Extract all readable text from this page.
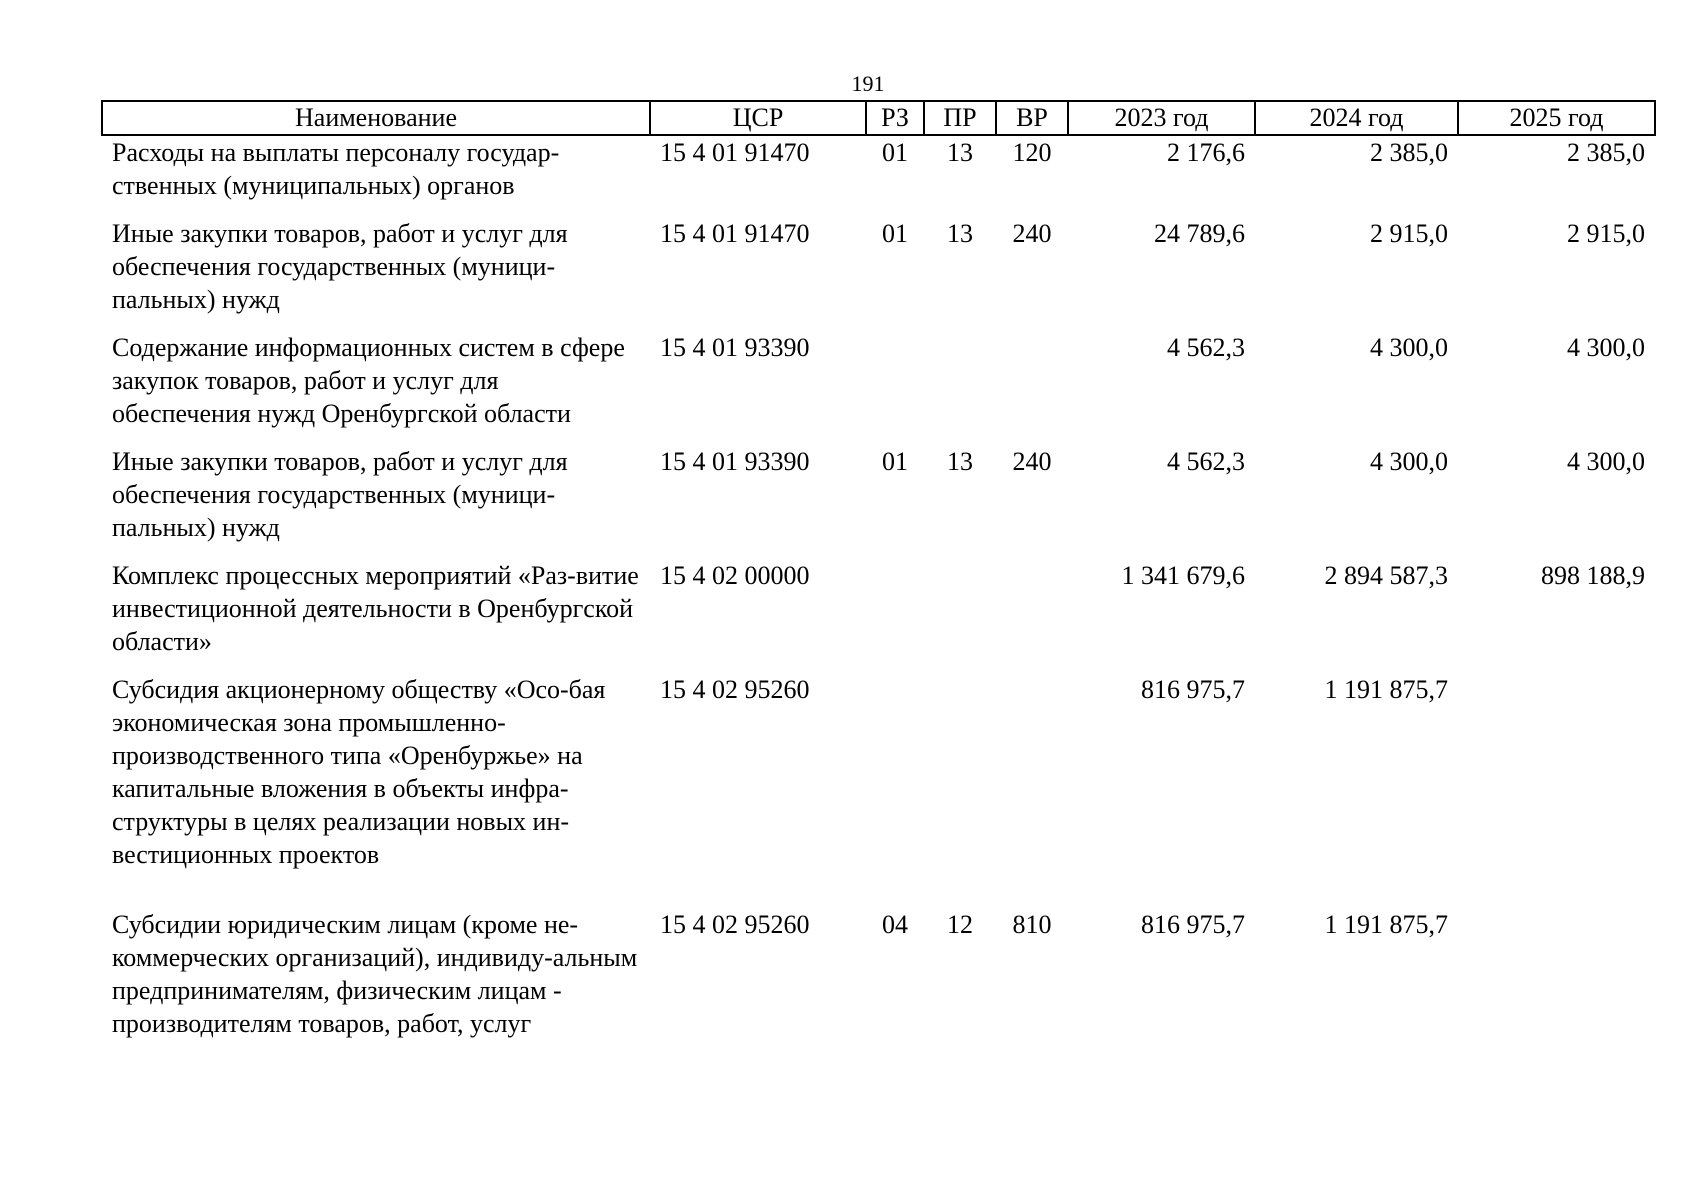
191
Наименование	ЦСР	РЗ	ПР	ВР	2023 год	2024 год	2025 год
Расходы на выплаты персоналу государ-ственных (муниципальных) органов	15 4 01 91470	01	13	120	2 176,6	2 385,0	2 385,0
Иные закупки товаров, работ и услуг для обеспечения государственных (муници-пальных) нужд	15 4 01 91470	01	13	240	24 789,6	2 915,0	2 915,0
Содержание информационных систем в сфере закупок товаров, работ и услуг для обеспечения нужд Оренбургской области	15 4 01 93390				4 562,3	4 300,0	4 300,0
Иные закупки товаров, работ и услуг для обеспечения государственных (муници-пальных) нужд	15 4 01 93390	01	13	240	4 562,3	4 300,0	4 300,0
Комплекс процессных мероприятий «Раз-витие инвестиционной деятельности в Оренбургской области»	15 4 02 00000				1 341 679,6	2 894 587,3	898 188,9
Субсидия акционерному обществу «Осо-бая экономическая зона промышленно-производственного типа «Оренбуржье» на капитальные вложения в объекты инфра-структуры в целях реализации новых ин-вестиционных проектов	15 4 02 95260				816 975,7	1 191 875,7	
Субсидии юридическим лицам (кроме не-коммерческих организаций), индивиду-альным предпринимателям, физическим лицам - производителям товаров, работ, услуг	15 4 02 95260	04	12	810	816 975,7	1 191 875,7	
